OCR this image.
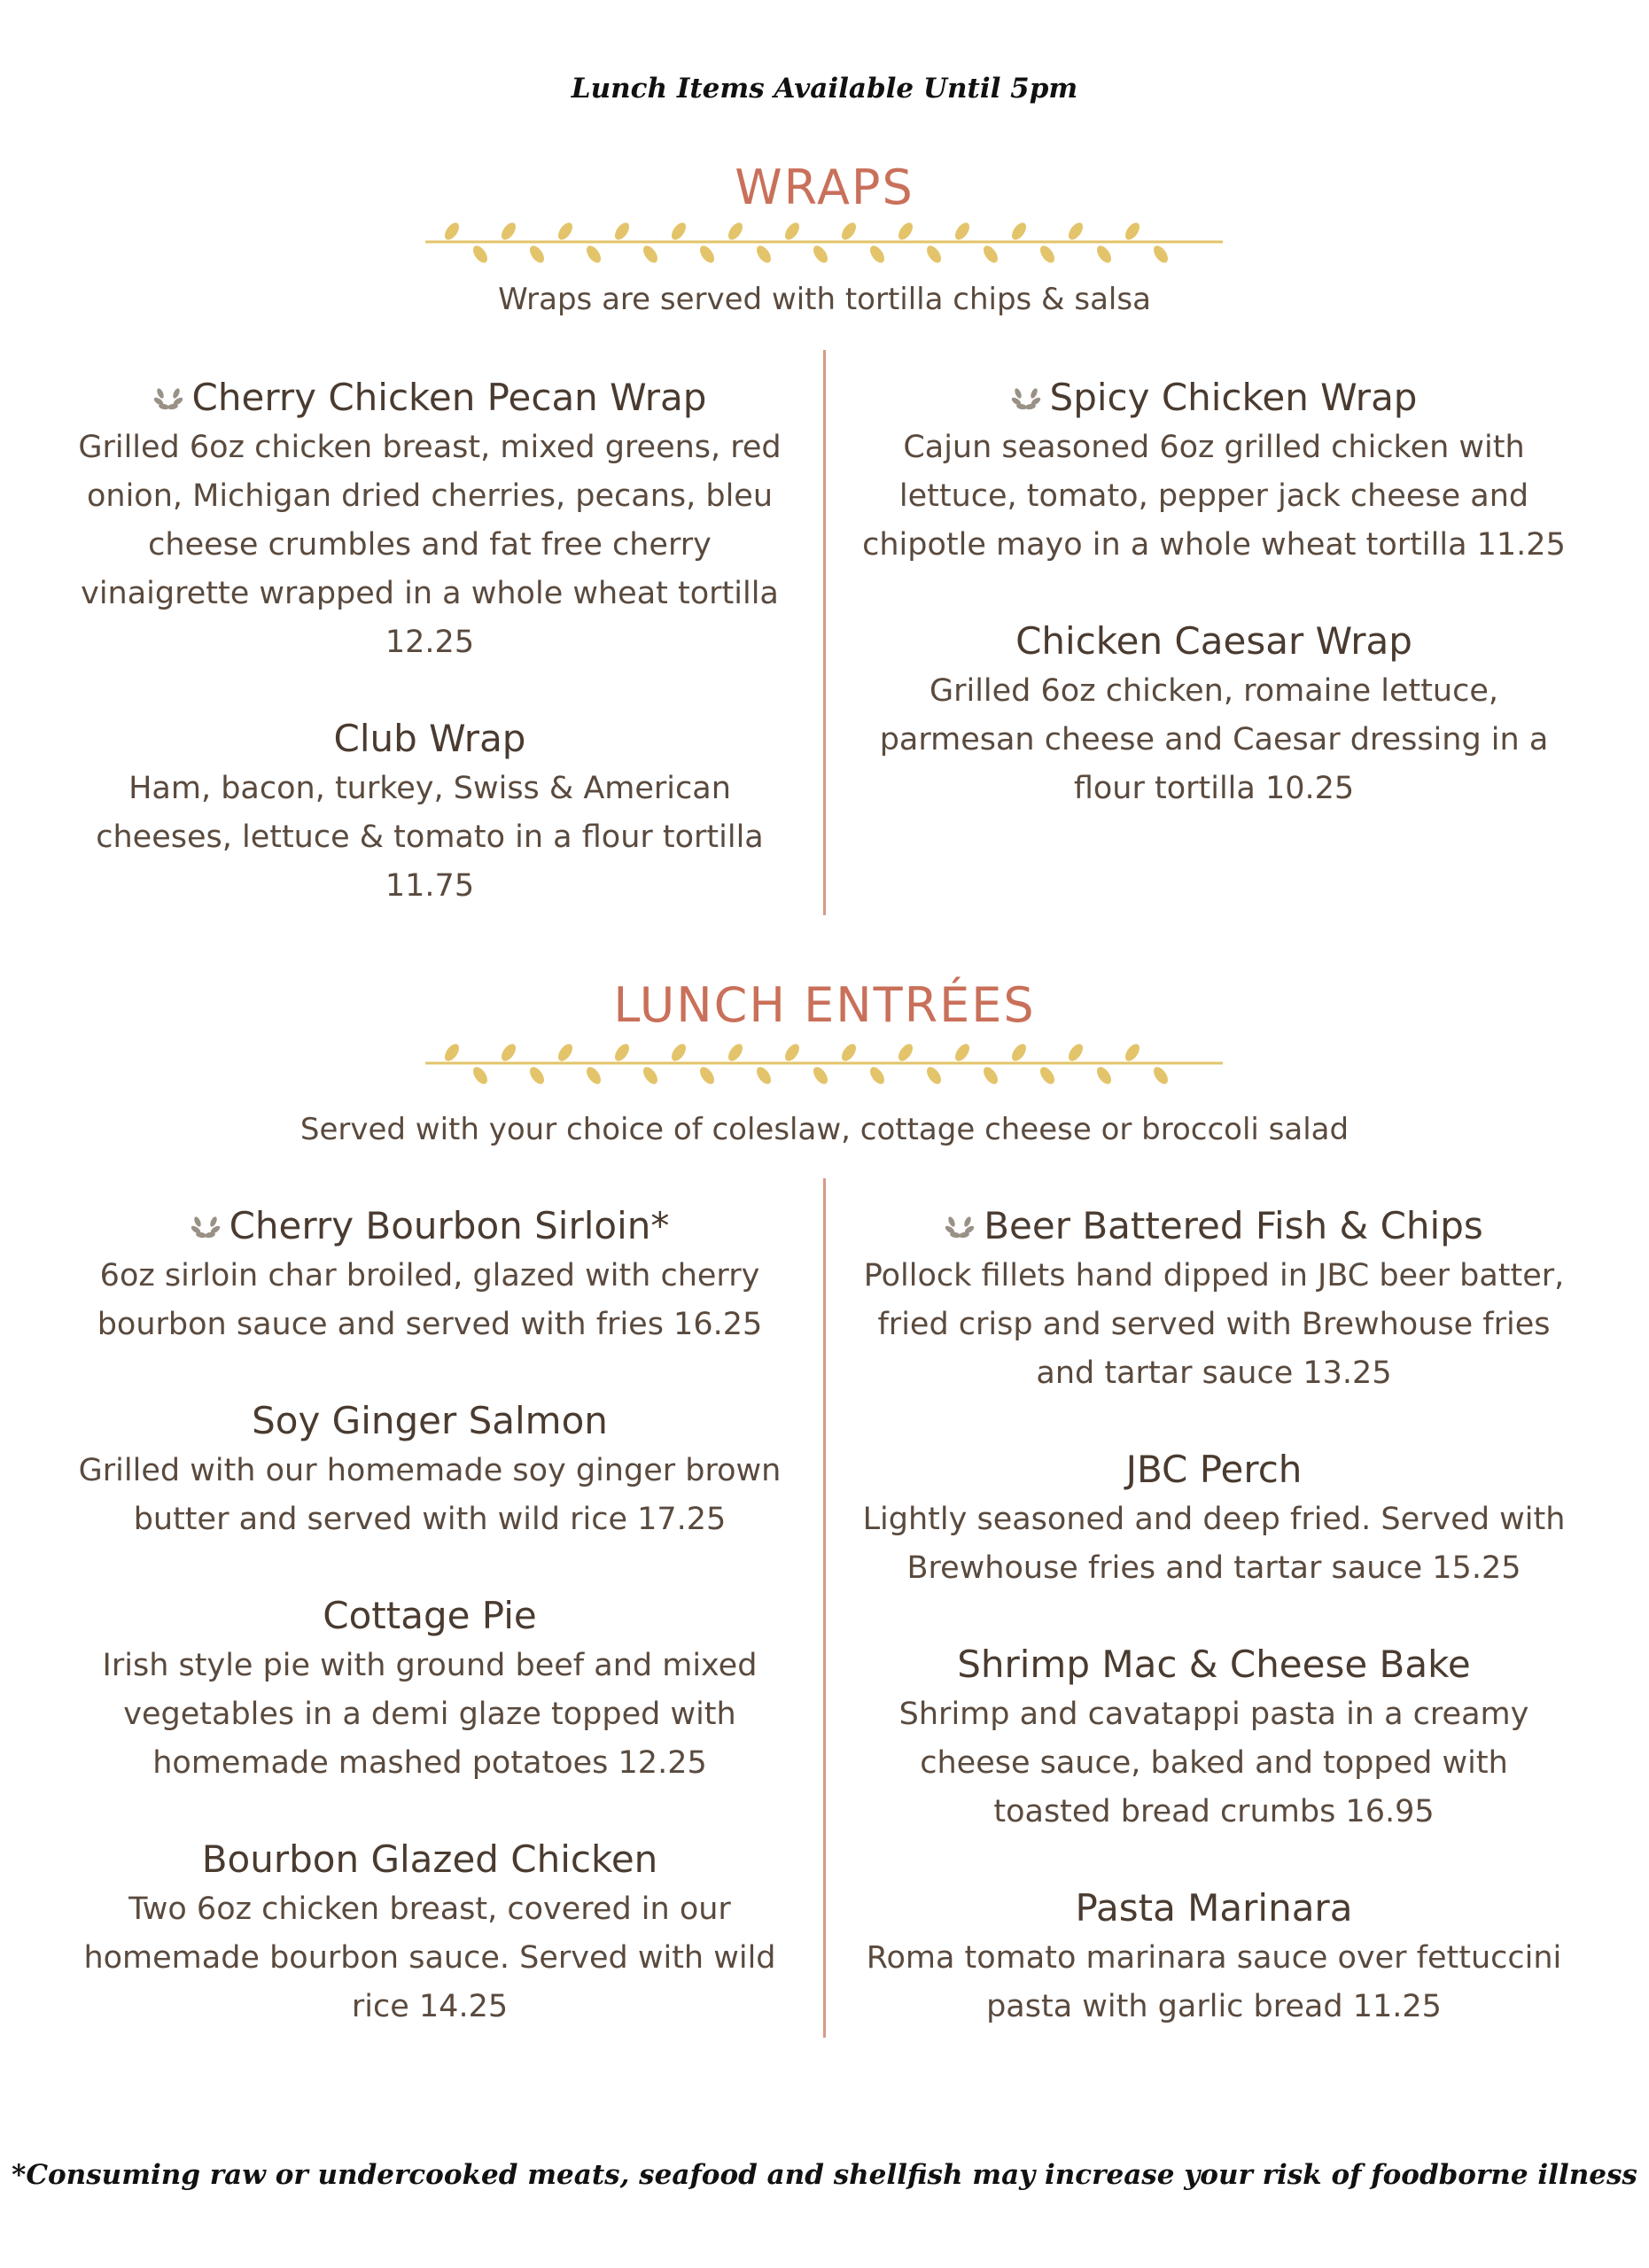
Lunch Items Available Until 5pm
WRAPS
Wraps are served with tortilla chips & salsa
Cherry Chicken Pecan Wrap
Grilled 6oz chicken breast, mixed greens, red
onion, Michigan dried cherries, pecans, bleu
cheese crumbles and fat free cherry
vinaigrette wrapped in a whole wheat tortilla
12.25
Club Wrap
Ham, bacon, turkey, Swiss & American
cheeses, lettuce & tomato in a flour tortilla
11.75
Spicy Chicken Wrap
Cajun seasoned 6oz grilled chicken with
lettuce, tomato, pepper jack cheese and
chipotle mayo in a whole wheat tortilla 11.25
Chicken Caesar Wrap
Grilled 6oz chicken, romaine lettuce,
parmesan cheese and Caesar dressing in a
flour tortilla 10.25
LUNCH ENTRÉES
Served with your choice of coleslaw, cottage cheese or broccoli salad
Cherry Bourbon Sirloin*
6oz sirloin char broiled, glazed with cherry
bourbon sauce and served with fries 16.25
Soy Ginger Salmon
Grilled with our homemade soy ginger brown
butter and served with wild rice 17.25
Cottage Pie
Irish style pie with ground beef and mixed
vegetables in a demi glaze topped with
homemade mashed potatoes 12.25
Bourbon Glazed Chicken
Two 6oz chicken breast, covered in our
homemade bourbon sauce. Served with wild
rice 14.25
Beer Battered Fish & Chips
Pollock fillets hand dipped in JBC beer batter,
fried crisp and served with Brewhouse fries
and tartar sauce 13.25
JBC Perch
Lightly seasoned and deep fried. Served with
Brewhouse fries and tartar sauce 15.25
Shrimp Mac & Cheese Bake
Shrimp and cavatappi pasta in a creamy
cheese sauce, baked and topped with
toasted bread crumbs 16.95
Pasta Marinara
Roma tomato marinara sauce over fettuccini
pasta with garlic bread 11.25
*Consuming raw or undercooked meats, seafood and shellfish may increase your risk of foodborne illness
